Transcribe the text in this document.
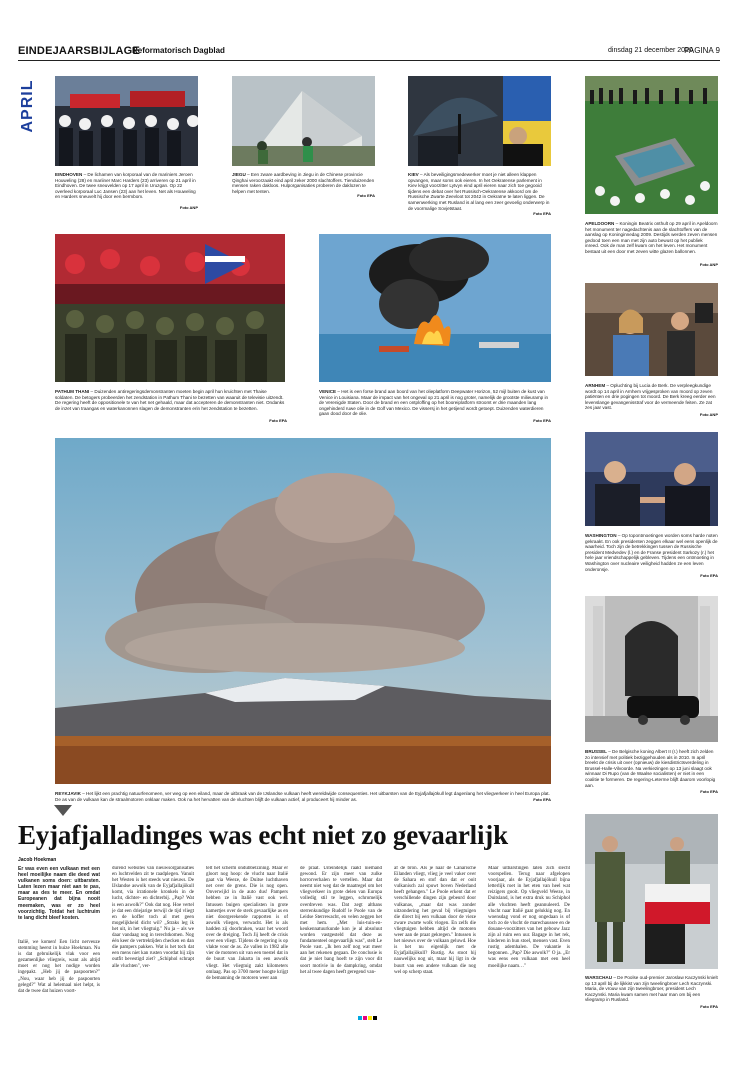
EINDEJAARSBIJLAGE
Reformatorisch Dagblad	dinsdag 21 december 2010
PAGINA 9
APRIL
EINDHOVEN – De lichamen van korporaal van de mariniers Jeroen Houweling (28) en mariiner Marc Harders (23) arriveren op 21 april in Eindhoven. De twee sneuvelden op 17 april in Uruzgan. Op 22 overleed korporaal Luc Jansen (23) aan het leven. Net als Houweling en Harders sneuvelt hij door een bermbom.
Foto ANP
JIEGU – Een zware aardbeving in Jiegu in de Chinese provincie Qinghai veroorzaakt eind april zeker 2000 slachtoffers. Tienduizenden mensen raken dakloos. Hulporganisaties proberen de daklozen te helpen met tenten.
Foto EPA
KIEV – Als beveiligingsmedewerker moet je niet alleen klappen opvangen, maar soms ook eieren. In het Oekraïense parlement in Kiev krijgt voorzitter Lytvyn eind april eieren naar zich toe gegooid tijdens een debat over het Russisch-Oekraïense akkoord om de Russische Zwarte Zeevloot tot 2042 in Oekraïne te laten liggen. De samenwerking met Rusland is al lang een zeer gevoelig onderwerp in de voormalige Sovjetstaat.
Foto EPA
APELDOORN – Koningin Beatrix onthult op 29 april in Apeldoorn het monument ter nagedachtenis aan de slachtoffers van de aanslag op Koninginnedag 2009. Destijds werden zeven mensen gedood toen een man met zijn auto bewust op het publiek inreed. Ook de man zelf kwam om het leven. Het monument bestaat uit een door met zeven witte glazen ballonnen.
Foto ANP
PATHUM THANI – Duizenden antiregeringsdemonstranten moeten begin april hun kruichten met Thaise soldaten. De betogers probeerden het zendstation in Pathum Thani te bezetten van waaruit de televisie uitzendt. De regering heeft de oppositionele tv van het net gehaald, maar dat accepteren de demonstranten niet. Ondanks de inzet van traangas en waterkanonnen slagen de demonstranten erin het zendstation te bezetten.
Foto EPA
VENICE – Het is een forse brand aan boord van het olieplatform Deepwater Horizon, 52 mijl buiten de kust van Venice in Louisiana. Maar de impact van het ongeval op 21 april is nog groter, namelijk de grootste milieuramp in de Verenigde Staten. Door de brand en een ontploffing op het booreiplatform stroomt er drie maanden lang ongehinderd ruwe olie in de Golf van Mexico. De vissersj in het getijend wordt getoept. Duizenden waterdieren gaan dood door de olie.
Foto EPA
ARNHEM – Opluchting bij Lucia de Berk. De verpleegkundige wordt op 14 april in Arnhem vrijgesproken van moord op zeven patiënten en drie pogingen tot moord. De Berk kreeg eerder een levenslange gevangenisstraf voor de vermeende feiten. Ze zat zes jaar vast.
Foto ANP
REYKJAVIK – Het lijkt een prachtig natuurfenomeen, ver weg op een eiland, maar de uitbraak van de IJslandse vulkaan heeft wereldwijde consequenties. Het uitbarsten van de Eyjafjallajökull legt dagenlang het vliegverkeer in heel Europa plat. De as van de vulkaan kan de straalmotoren onklaar maken. Ook na het hervatten van de vluchten blijft de vulkaan actief, al produceert hij minder as.	Foto EPA
WASHINGTON – Op topontmoetingen worden soms harde noten gekraakt. En ook presidenten zeggen elkaar wel eens openlijk de waarheid. Toch zijn de betrekkingen tussen de Russische president Medvedev (l.) en de Franse president Sarkozy (r.) het hele jaar vriendschappelijk gebleven. Tijdens een ontmoeting in Washington over nucleaire veiligheid hadden ze een leven onderonsje.
Foto EPA
BRUSSEL – De Belgische koning Albert II (r.) heeft zich zelden zo intensief met politiek beziggehouden als in 2010. In april breekt de crisis uit over (opnieuw) de kiesdistrictsverdeling in Brussel-Halle-Vilvoorde. Na verkiezingen op 13 juni slaagt ook winnaar Di Rupo (van de Waalse socialisten) er niet in een coalitie te formeren. De regering-Leterme blijft daarom voorlopig aan.
Foto EPA
WARSCHAU – De Poolse oud-premier Jaroslaw Kaczynski knielt op 13 april bij de lijkkist van zijn tweelingbroer Lech Kaczynski. Maria, de vrouw van zijn tweelingbroer, president Lech Kaczynski. Maria kwam samen met haar man om bij een vliegramp in Rusland.
Foto EPA
Eyjafjalladinges was echt niet zo gevaarlijk
Jacob Hoekman
Er was even een vulkaan met een heel moeilijke naam die deed wat vulkanen soms doen: uitbarsten. Laten lezen maar niet aan te pas, maar as des te meer. En omdat Europeanen dat bijna nooit meemaken, was er zo heel voorzichtig. Totdat het luchtruim te lang dicht bleef kosten.
Italië, we komen! Een licht nerveuze stemming heerst in huize Hoekman. Nu is dat gebruikelijk vlak voor een gezamenlijke vliegreis, want als altijd moet er nog het nodige worden ingepakt. „Heb jij de paspoorten?" „Nou, waar heb jij de paspoorten gelegd?" Wat al helemaal niet helpt, is dat de twee dat huizen voort-
durend websites van nieuwsorganisaties en luchtvelden zit te raadplegen. Vanuit het Westen is het steeds wat nieuws. De IJslandse aswolk van de Eyjafjallajökull komt, via irrationele kronkels in de lucht, dichter- en dichterbij. „Pap? Wat is een aswolk?" Ook dat nog. Hoe vertel je dat een driejarige terwijl de tijd vliegt en de koffer toch al met geen mogelijkheid dicht wil? „Straks leg ik het uit, in het vliegtuig." Nu ja – als we daar vandaag nog in terechtkomen. Nog één keer de vertrektijden checken en dan die pampers pakken. Wat is het toch dat een mens niet kan rusten voordat hij zijn outfit bevestigd ziet? „Schiphol schrapt alle vluchten", ver-
telt het scherm ondubbelzinnig. Maar er gloort nog hoop: de vlucht naar Italië gaat via Weeze, de Duitse luchthaven net over de grens. Die is nog open. Onverwijld in de auto dus! Pampers hebben ze in Italië vast ook wel. Intussen buigen specialisten in grote kamertjes over de sterk gevaarlijke as en niet doorgerekende rapporten is of aswolk vliegen, verwacht. Het is als hadden zij doorbraken, waar het woord over de dreiging. Toch Jij heeft de crisis over een vliegt. Tijdens de regering is op vlakte voor de as. Ze vallen in 1982 alle vier de motoren uit van een toestel dat in de buurt van Jakarta in een aswolk vliegt. Het vliegtuig zakt kilometers omlaag. Pas op 3700 meter hoogte krijgt de bemanning de motoren weer aan
de praat. Uiteindelijk raakt niemand gewond. Er zijn meer van zulke horrorverhalen te vertellen. Maar dat neemt niet weg dat de maatregel om het vliegverkeer in grote delen van Europa volledig stil te leggen, schromelijk overdreven was. Dat zegt althans sterrenkundige Rudolf le Poole van de Leidse Sterrewacht, en velen zeggen het met hem. „Met luis-tuin-en-keukennatuurkunde kon je al absoluut worden vastgesteld dat deze as fundamenteel ongevaarlijk was", stelt Le Poole vast. „Ik ben zelf nog wat meer aan het rekenen gegaan. De conclusie is dat je niet bang hoeft te zijn voor dit soort motivie in de dampkring, omdat het al twee dagen heeft geregend van-
af de bron. Als je naar de Canarische Eilanden vliegt, vlieg je veel vaker over de Sahara en stof dan dat er ooit vulkanisch zal spuwt boven Nederland heeft gehangen." Le Poole erkent dat er verschillende dingen zijn gebeurd door vulkanas, „maar dat was zonder uitzondering het geval bij vliegtuigen die direct bij een vulkaan door de vieze zware zwarte wolk vlogen. En zelfs die vliegtuigen hebben altijd de motoren weer aan de praat gekregen." Intussen is het nieuws over de vulkaan geluwd. Hoe is het nu eigenlijk met de Eyjafjallajökull? Rustig. As stoot hij nauwelijks nog uit, maar hij ligt in de buurt van een andere vulkaan die nog wel op scherp staat.
Maar uitbarstingen laten zich slecht voorspellen. Terug naar afgelopen voorjaar, als de Eyjafjallajökull bijna letterlijk roet in het eten van heel wat reizigers gooit. Op vliegveld Weeze, in Duitsland, is het extra druk nu Schiphol alle vluchten heeft geannuleerd. De vlucht naar Italië gaat gelukkig nog. En woensdag vond er nog ongedaan is of toch zo de vlucht de marechaussee en de douane-voorzitters van het gebouw Jazz zijn al ruim een uur. Bagage in het rek, kinderen in hun stoel, mensen vast. Even rustig ademhalen. De vakantie is begonnen. „Pap? Die aswolk?" O ja. „Er was eens een vulkaan met een heel moeilijke naam…"
